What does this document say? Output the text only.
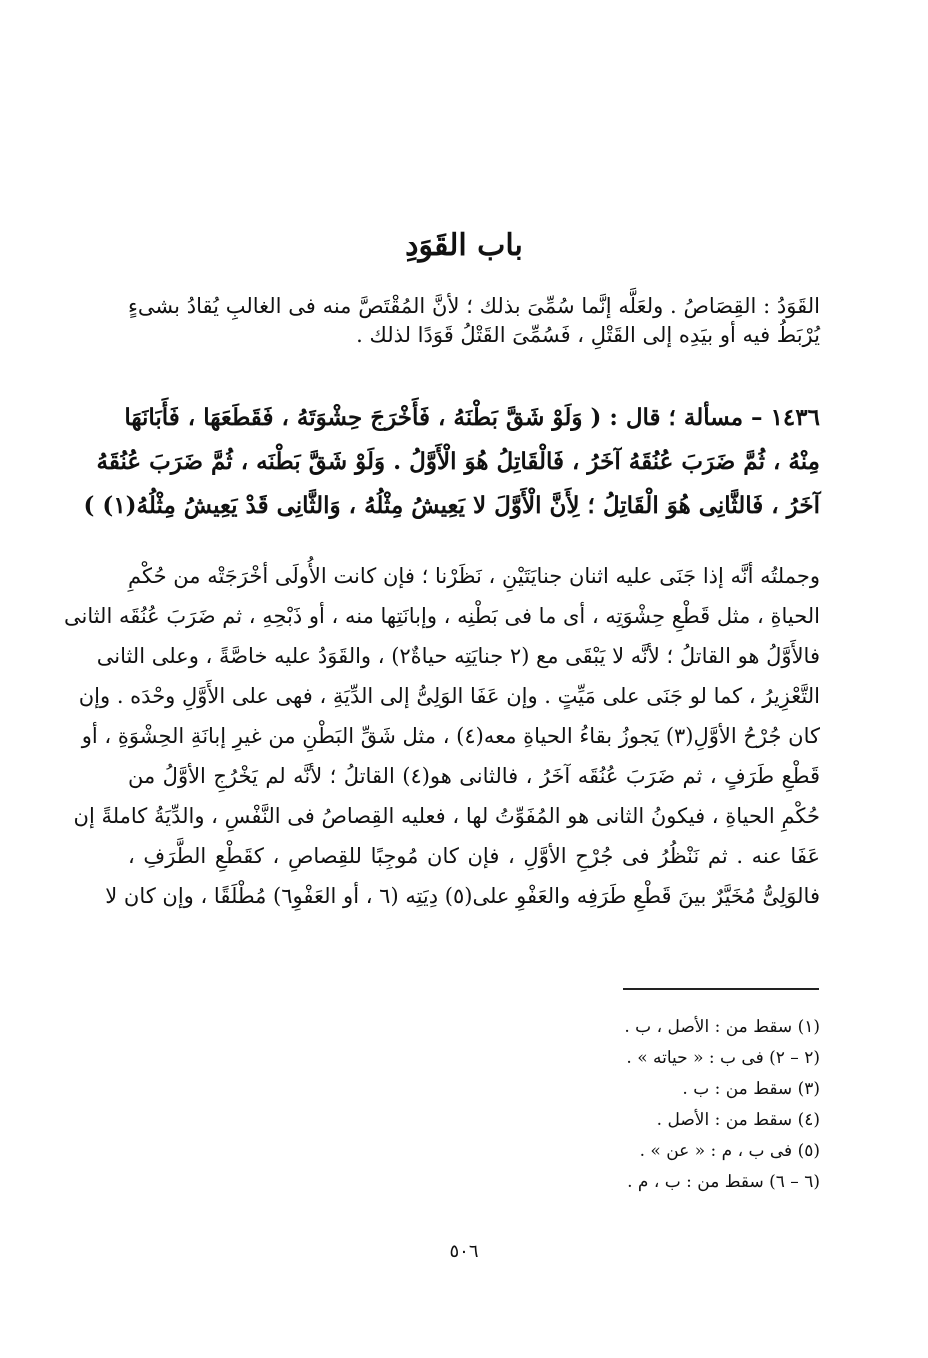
باب القَوَدِ
القَوَدُ : القِصَاصُ . ولعَلَّه إنَّما سُمِّىَ بذلك ؛ لأنَّ المُقْتَصَّ منه فى الغالبِ يُقادُ بشىءٍ
يُرْبَطُ فيه أو بيَدِه إلى القَتْلِ ، فَسُمِّىَ القَتْلُ قَوَدًا لذلك .
١٤٣٦ – مسألة ؛ قال : ( وَلَوْ شَقَّ بَطْنَهُ ، فَأَخْرَجَ حِشْوَتَهُ ، فَقَطَعَهَا ، فَأَبَانَهَا
مِنْهُ ، ثُمَّ ضَرَبَ عُنُقَهُ آخَرُ ، فَالْقَاتِلُ هُوَ الْأَوَّلُ . وَلَوْ شَقَّ بَطْنَه ، ثُمَّ ضَرَبَ عُنُقَهُ
آخَرُ ، فَالثَّانِى هُوَ الْقَاتِلُ ؛ لِأَنَّ الْأَوَّلَ لا يَعِيشُ مِثْلُهُ ، وَالثَّانِى قَدْ يَعِيشُ مِثْلُهُ(١) )
وجملتُه أنَّه إذا جَنَى عليه اثنان جنايَتَيْنِ ، نَظَرْنا ؛ فإن كانت الأُولَى أخْرَجَتْه من حُكْمِ
الحياةِ ، مثل قَطْعِ حِشْوَتِه ، أى ما فى بَطْنِه ، وإبانَتِها منه ، أو ذَبْحِهِ ، ثم ضَرَبَ عُنُقَه الثانى
فالأَوَّلُ هو القاتلُ ؛ لأنَّه لا يَبْقَى مع (٢ جنايَتِه حياةٌ٢) ، والقَوَدُ عليه خاصَّةً ، وعلى الثانى
التَّعْزِيرُ ، كما لو جَنَى على مَيِّتٍ . وإن عَفَا الوَلِىُّ إلى الدِّيَةِ ، فهى على الأَوَّلِ وحْدَه . وإن
كان جُرْحُ الأوَّلِ(٣) يَجوزُ بقاءُ الحياةِ معه(٤) ، مثل شَقِّ البَطْنِ من غيرِ إبانَةِ الحِشْوَةِ ، أو
قَطْعِ طَرَفٍ ، ثم ضَرَبَ عُنُقَه آخَرُ ، فالثانى هو(٤) القاتلُ ؛ لأنَّه لم يَخْرُجِ الأوَّلُ من
حُكْمِ الحياةِ ، فيكونُ الثانى هو المُفَوِّتُ لها ، فعليه القِصاصُ فى النَّفْسِ ، والدِّيَةُ كاملةً إن
عَفَا عنه . ثم نَنْظُرُ فى جُرْحِ الأوَّلِ ، فإن كان مُوجِبًا للقِصاصِ ، كقَطْعِ الطَّرَفِ ،
فالوَلِىُّ مُخَيَّرٌ بينَ قَطْعِ طَرَفِه والعَفْوِ على(٥) دِيَتِه (٦ ، أو العَفْوِ٦) مُطْلَقًا ، وإن كان لا
(١) سقط من : الأصل ، ب .
(٢ – ٢) فى ب : « حياته » .
(٣) سقط من : ب .
(٤) سقط من : الأصل .
(٥) فى ب ، م : « عن » .
(٦ – ٦) سقط من : ب ، م .
٥٠٦
